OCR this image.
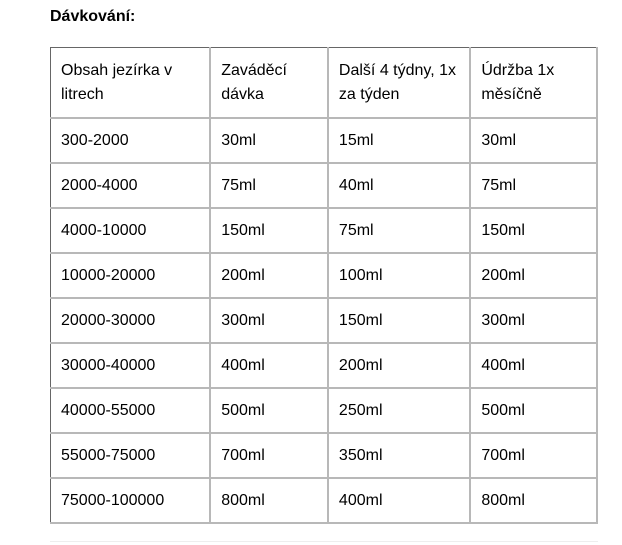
Dávkování:
Obsah jezírka v litrech	Zaváděcí dávka	Další 4 týdny, 1x za týden	Údržba 1x měsíčně
300-2000	30ml	15ml	30ml
2000-4000	75ml	40ml	75ml
4000-10000	150ml	75ml	150ml
10000-20000	200ml	100ml	200ml
20000-30000	300ml	150ml	300ml
30000-40000	400ml	200ml	400ml
40000-55000	500ml	250ml	500ml
55000-75000	700ml	350ml	700ml
75000-100000	800ml	400ml	800ml
